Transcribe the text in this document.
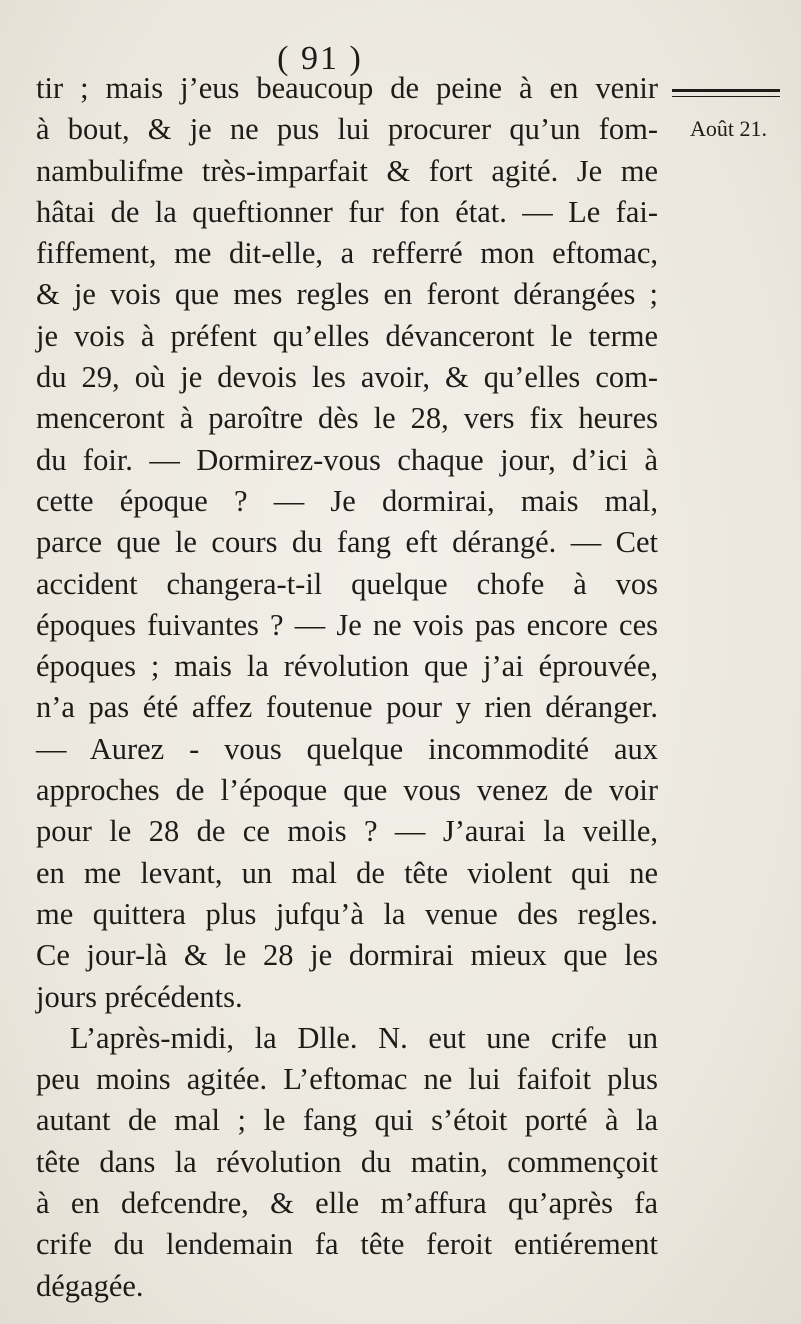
( 91 )
Août 21.
tir ; mais j’eus beaucoup de peine à en venir
à bout, & je ne pus lui procurer qu’un fom-
nambulifme très-imparfait & fort agité. Je me
hâtai de la queftionner fur fon état. — Le fai-
fiffement, me dit-elle, a refferré mon eftomac,
& je vois que mes regles en feront dérangées ;
je vois à préfent qu’elles dévanceront le terme
du 29, où je devois les avoir, & qu’elles com-
menceront à paroître dès le 28, vers fix heures
du foir. — Dormirez-vous chaque jour, d’ici à
cette époque ? — Je dormirai, mais mal,
parce que le cours du fang eft dérangé. — Cet
accident changera-t-il quelque chofe à vos
époques fuivantes ? — Je ne vois pas encore ces
époques ; mais la révolution que j’ai éprouvée,
n’a pas été affez foutenue pour y rien déranger.
— Aurez - vous quelque incommodité aux
approches de l’époque que vous venez de voir
pour le 28 de ce mois ? — J’aurai la veille,
en me levant, un mal de tête violent qui ne
me quittera plus jufqu’à la venue des regles.
Ce jour-là & le 28 je dormirai mieux que les
jours précédents.
L’après-midi, la Dlle. N. eut une crife un
peu moins agitée. L’eftomac ne lui faifoit plus
autant de mal ; le fang qui s’étoit porté à la
tête dans la révolution du matin, commençoit
à en defcendre, & elle m’affura qu’après fa
crife du lendemain fa tête feroit entiérement
dégagée.
